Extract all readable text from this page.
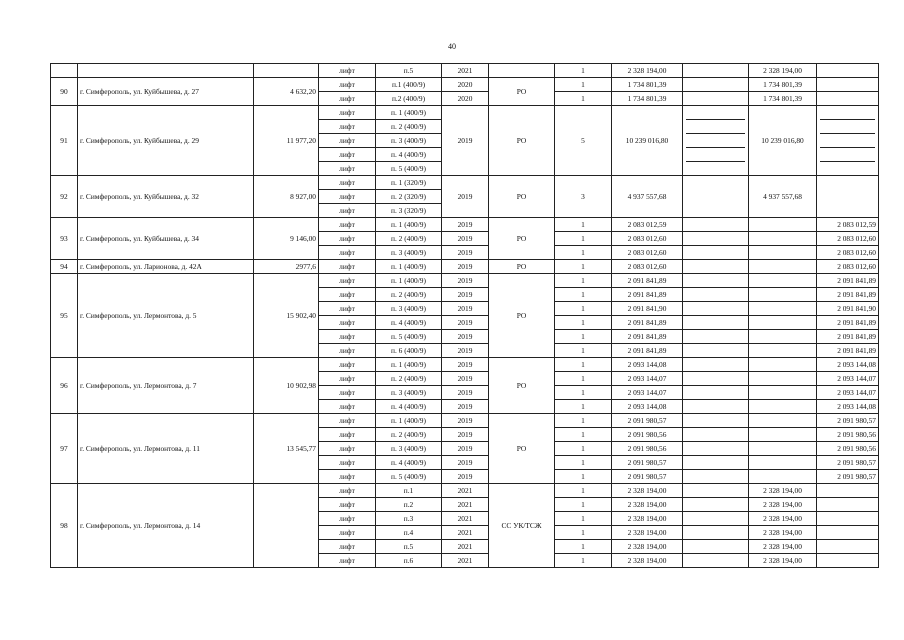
40
			лифт	п.5	2021		1	2 328 194,00		2 328 194,00	
90	г. Симферополь, ул. Куйбышева, д. 27	4 632,20	лифт	п.1 (400/9)	2020	РО	1	1 734 801,39		1 734 801,39	
			лифт	п.2 (400/9)	2020		1	1 734 801,39		1 734 801,39	
91	г. Симферополь, ул. Куйбышева, д. 29	11 977,20	лифт	п. 1 (400/9)	2019	РО	5	10 239 016,80		10 239 016,80	

			лифт	п. 2 (400/9)							
			лифт	п. 3 (400/9)							
			лифт	п. 4 (400/9)							
			лифт	п. 5 (400/9)							
92	г. Симферополь, ул. Куйбышева, д. 32	8 927,00	лифт	п. 1 (320/9)	2019	РО	3	4 937 557,68		4 937 557,68	
			лифт	п. 2 (320/9)							
			лифт	п. 3 (320/9)							
93	г. Симферополь, ул. Куйбышева, д. 34	9 146,00	лифт	п. 1 (400/9)	2019	РО	1	2 083 012,59			2 083 012,59
			лифт	п. 2 (400/9)	2019		1	2 083 012,60			2 083 012,60
			лифт	п. 3 (400/9)	2019		1	2 083 012,60			2 083 012,60
94	г. Симферополь, ул. Ларионова, д. 42А	2977,6	лифт	п. 1 (400/9)	2019	РО	1	2 083 012,60			2 083 012,60
95	г. Симферополь, ул. Лермонтова, д. 5	15 902,40	лифт	п. 1 (400/9)	2019	РО	1	2 091 841,89			2 091 841,89
			лифт	п. 2 (400/9)	2019		1	2 091 841,89			2 091 841,89
			лифт	п. 3 (400/9)	2019		1	2 091 841,90			2 091 841,90
			лифт	п. 4 (400/9)	2019		1	2 091 841,89			2 091 841,89
			лифт	п. 5 (400/9)	2019		1	2 091 841,89			2 091 841,89
			лифт	п. 6 (400/9)	2019		1	2 091 841,89			2 091 841,89
96	г. Симферополь, ул. Лермонтова, д. 7	10 902,98	лифт	п. 1 (400/9)	2019	РО	1	2 093 144,08			2 093 144,08
			лифт	п. 2 (400/9)	2019		1	2 093 144,07			2 093 144,07
			лифт	п. 3 (400/9)	2019		1	2 093 144,07			2 093 144,07
			лифт	п. 4 (400/9)	2019		1	2 093 144,08			2 093 144,08
97	г. Симферополь, ул. Лермонтова, д. 11	13 545,77	лифт	п. 1 (400/9)	2019	РО	1	2 091 980,57			2 091 980,57
			лифт	п. 2 (400/9)	2019		1	2 091 980,56			2 091 980,56
			лифт	п. 3 (400/9)	2019		1	2 091 980,56			2 091 980,56
			лифт	п. 4 (400/9)	2019		1	2 091 980,57			2 091 980,57
			лифт	п. 5 (400/9)	2019		1	2 091 980,57			2 091 980,57
98	г. Симферополь, ул. Лермонтова, д. 14		лифт	п.1	2021	СС УК/ТСЖ	1	2 328 194,00		2 328 194,00	
			лифт	п.2	2021		1	2 328 194,00		2 328 194,00	
			лифт	п.3	2021		1	2 328 194,00		2 328 194,00	
			лифт	п.4	2021		1	2 328 194,00		2 328 194,00	
			лифт	п.5	2021		1	2 328 194,00		2 328 194,00	
			лифт	п.6	2021		1	2 328 194,00		2 328 194,00	
